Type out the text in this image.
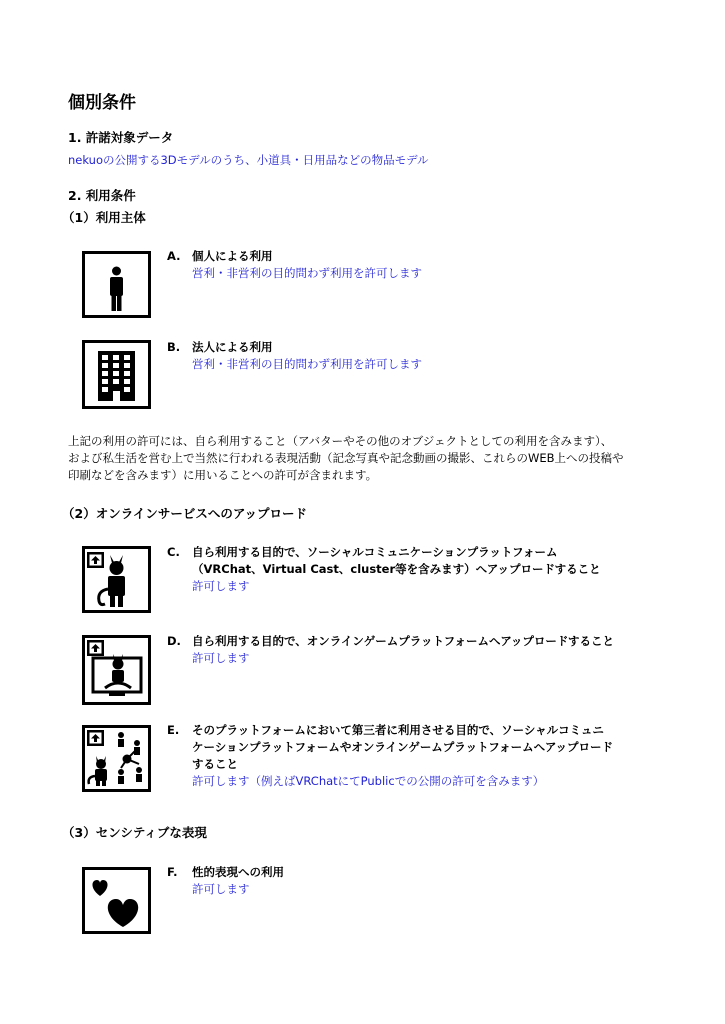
個別条件
1. 許諾対象データ
nekuoの公開する3Dモデルのうち、小道具・日用品などの物品モデル
2. 利用条件
（1）利用主体
A.	個人による利用
営利・非営利の目的問わず利用を許可します
B.	法人による利用
営利・非営利の目的問わず利用を許可します
上記の利用の許可には、自ら利用すること（アバターやその他のオブジェクトとしての利用を含みます）、
および私生活を営む上で当然に行われる表現活動（記念写真や記念動画の撮影、これらのWEB上への投稿や
印刷などを含みます）に用いることへの許可が含まれます。
（2）オンラインサービスへのアップロード
C.	自ら利用する目的で、ソーシャルコミュニケーションプラットフォーム
（VRChat、Virtual Cast、cluster等を含みます）へアップロードすること
許可します
D. 自ら利用する目的で、オンラインゲームプラットフォームへアップロードすること
許可します
E.	そのプラットフォームにおいて第三者に利用させる目的で、ソーシャルコミュニ
ケーションプラットフォームやオンラインゲームプラットフォームへアップロード
すること
許可します（例えばVRChatにてPublicでの公開の許可を含みます）
（3）センシティブな表現
F.	性的表現への利用
許可します
